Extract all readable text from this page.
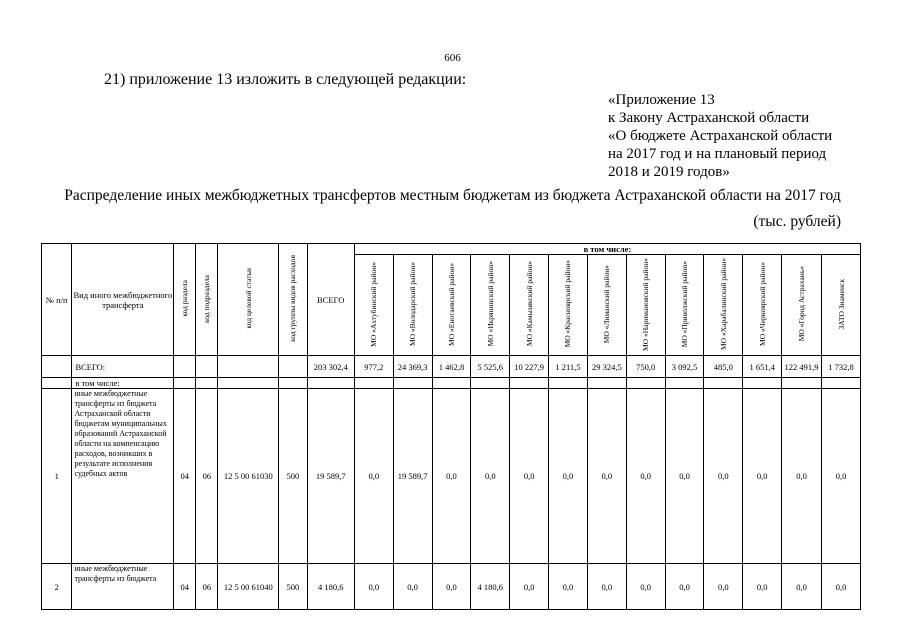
606
21) приложение 13 изложить в следующей редакции:
«Приложение 13
к Закону Астраханской области
«О бюджете Астраханской области
на 2017 год и на плановый период
2018 и 2019 годов»
Распределение иных межбюджетных трансфертов местным бюджетам из бюджета Астраханской области на 2017 год
(тыс. рублей)
№ п/п	Вид иного межбюджетного трансферта	код раздела	код подраздела	код целевой статьи	код группы видов расходов	ВСЕГО	в том числе:												
							МО «Ахтубинский район»	МО «Володарский район»	МО «Енотаевский район»	МО «Икрянинский район»	МО «Камызякский район»	МО «Красноярский район»	МО «Лиманский район»	МО «Наримановский район»	МО «Приволжский район»	МО «Харабалинский район»	МО «Черноярский район»	МО «Город Астрахань»	ЗАТО Знаменск
	ВСЕГО:					203 302,4	977,2	24 369,3	1 462,8	5 525,6	10 227,9	1 211,5	29 324,5	750,0	3 092,5	485,0	1 651,4	122 491,9	1 732,8
	в том числе:																		
1	иные межбюджетные трансферты из бюджета Астраханской области бюджетам муниципальных образований Астраханской области на компенсацию расходов, возникших в результате исполнения судебных актов	04	06	12 5 00 61030	500	19 589,7	0,0	19 589,7	0,0	0,0	0,0	0,0	0,0	0,0	0,0	0,0	0,0	0,0	0,0
2	иные межбюджетные трансферты из бюджета	04	06	12 5 00 61040	500	4 180,6	0,0	0,0	0,0	4 180,6	0,0	0,0	0,0	0,0	0,0	0,0	0,0	0,0	0,0
